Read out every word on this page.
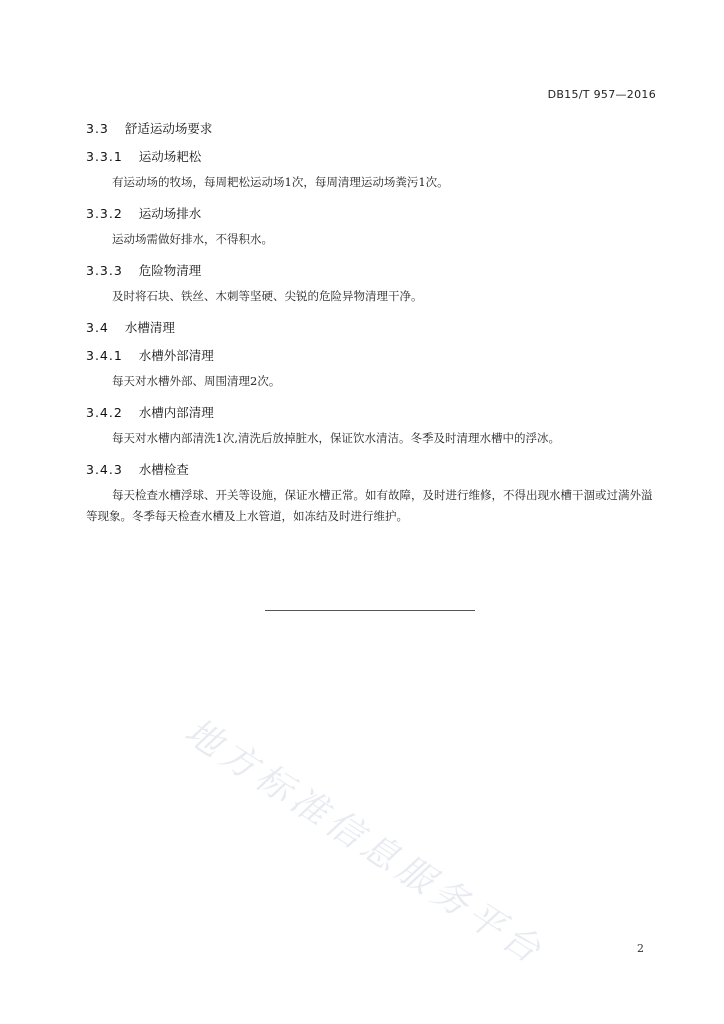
DB15/T 957—2016
3.3 舒适运动场要求
3.3.1 运动场耙松
有运动场的牧场，每周耙松运动场1次，每周清理运动场粪污1次。
3.3.2 运动场排水
运动场需做好排水，不得积水。
3.3.3 危险物清理
及时将石块、铁丝、木刺等坚硬、尖锐的危险异物清理干净。
3.4 水槽清理
3.4.1 水槽外部清理
每天对水槽外部、周围清理2次。
3.4.2 水槽内部清理
每天对水槽内部清洗1次,清洗后放掉脏水，保证饮水清洁。冬季及时清理水槽中的浮冰。
3.4.3 水槽检查
每天检查水槽浮球、开关等设施，保证水槽正常。如有故障，及时进行维修，不得出现水槽干涸或过满外溢等现象。冬季每天检查水槽及上水管道，如冻结及时进行维护。
地方标准信息服务平台	2
